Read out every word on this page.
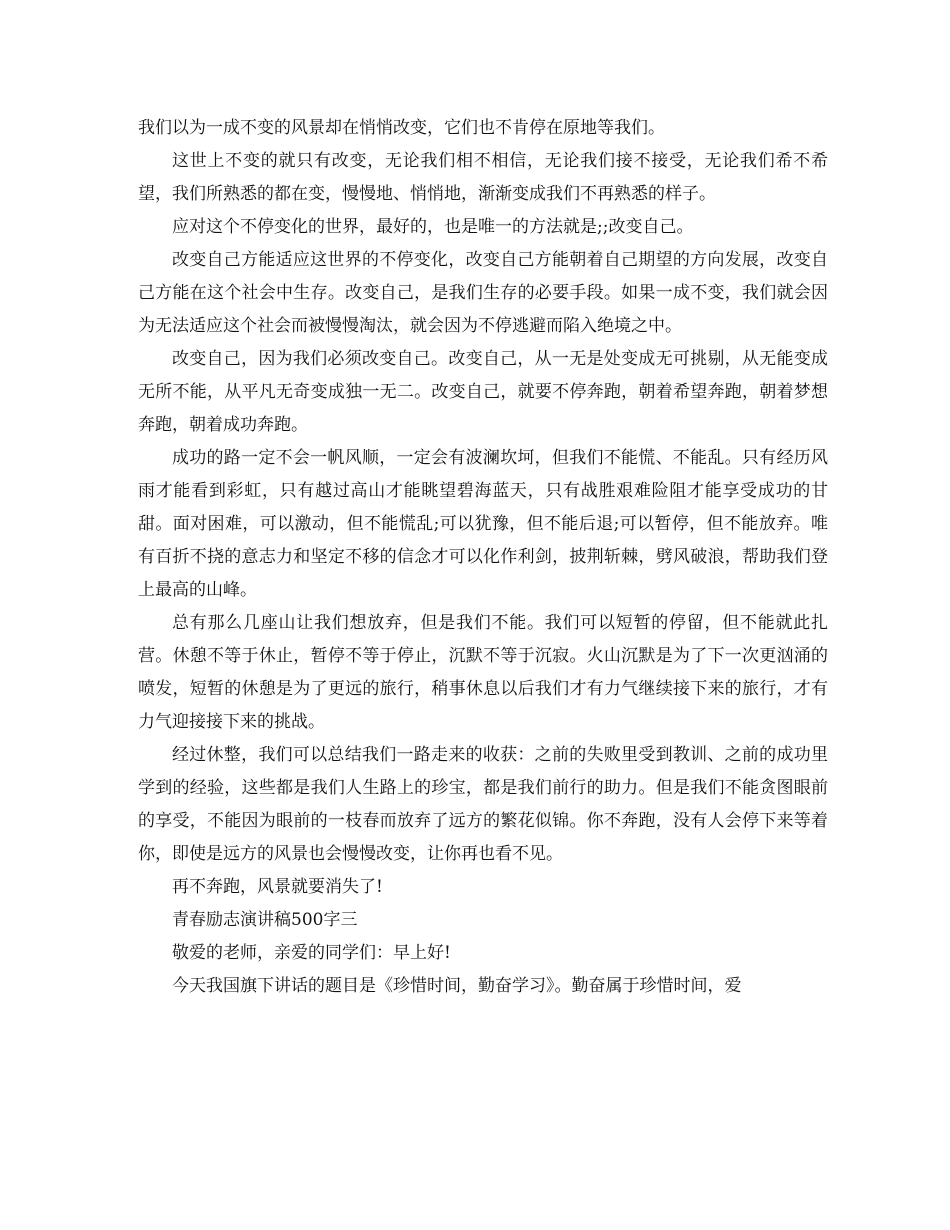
我们以为一成不变的风景却在悄悄改变，它们也不肯停在原地等我们。

这世上不变的就只有改变，无论我们相不相信，无论我们接不接受，无论我们希不希望，我们所熟悉的都在变，慢慢地、悄悄地，渐渐变成我们不再熟悉的样子。

应对这个不停变化的世界，最好的，也是唯一的方法就是;;改变自己。

改变自己方能适应这世界的不停变化，改变自己方能朝着自己期望的方向发展，改变自己方能在这个社会中生存。改变自己，是我们生存的必要手段。如果一成不变，我们就会因为无法适应这个社会而被慢慢淘汰，就会因为不停逃避而陷入绝境之中。

改变自己，因为我们必须改变自己。改变自己，从一无是处变成无可挑剔，从无能变成无所不能，从平凡无奇变成独一无二。改变自己，就要不停奔跑，朝着希望奔跑，朝着梦想奔跑，朝着成功奔跑。

成功的路一定不会一帆风顺，一定会有波澜坎坷，但我们不能慌、不能乱。只有经历风雨才能看到彩虹，只有越过高山才能眺望碧海蓝天，只有战胜艰难险阻才能享受成功的甘甜。面对困难，可以激动，但不能慌乱;可以犹豫，但不能后退;可以暂停，但不能放弃。唯有百折不挠的意志力和坚定不移的信念才可以化作利剑，披荆斩棘，劈风破浪，帮助我们登上最高的山峰。

总有那么几座山让我们想放弃，但是我们不能。我们可以短暂的停留，但不能就此扎营。休憩不等于休止，暂停不等于停止，沉默不等于沉寂。火山沉默是为了下一次更汹涌的喷发，短暂的休憩是为了更远的旅行，稍事休息以后我们才有力气继续接下来的旅行，才有力气迎接接下来的挑战。

经过休整，我们可以总结我们一路走来的收获：之前的失败里受到教训、之前的成功里学到的经验，这些都是我们人生路上的珍宝，都是我们前行的助力。但是我们不能贪图眼前的享受，不能因为眼前的一枝春而放弃了远方的繁花似锦。你不奔跑，没有人会停下来等着你，即使是远方的风景也会慢慢改变，让你再也看不见。

再不奔跑，风景就要消失了!

青春励志演讲稿500字三

敬爱的老师，亲爱的同学们：早上好!

今天我国旗下讲话的题目是《珍惜时间，勤奋学习》。勤奋属于珍惜时间，爱
